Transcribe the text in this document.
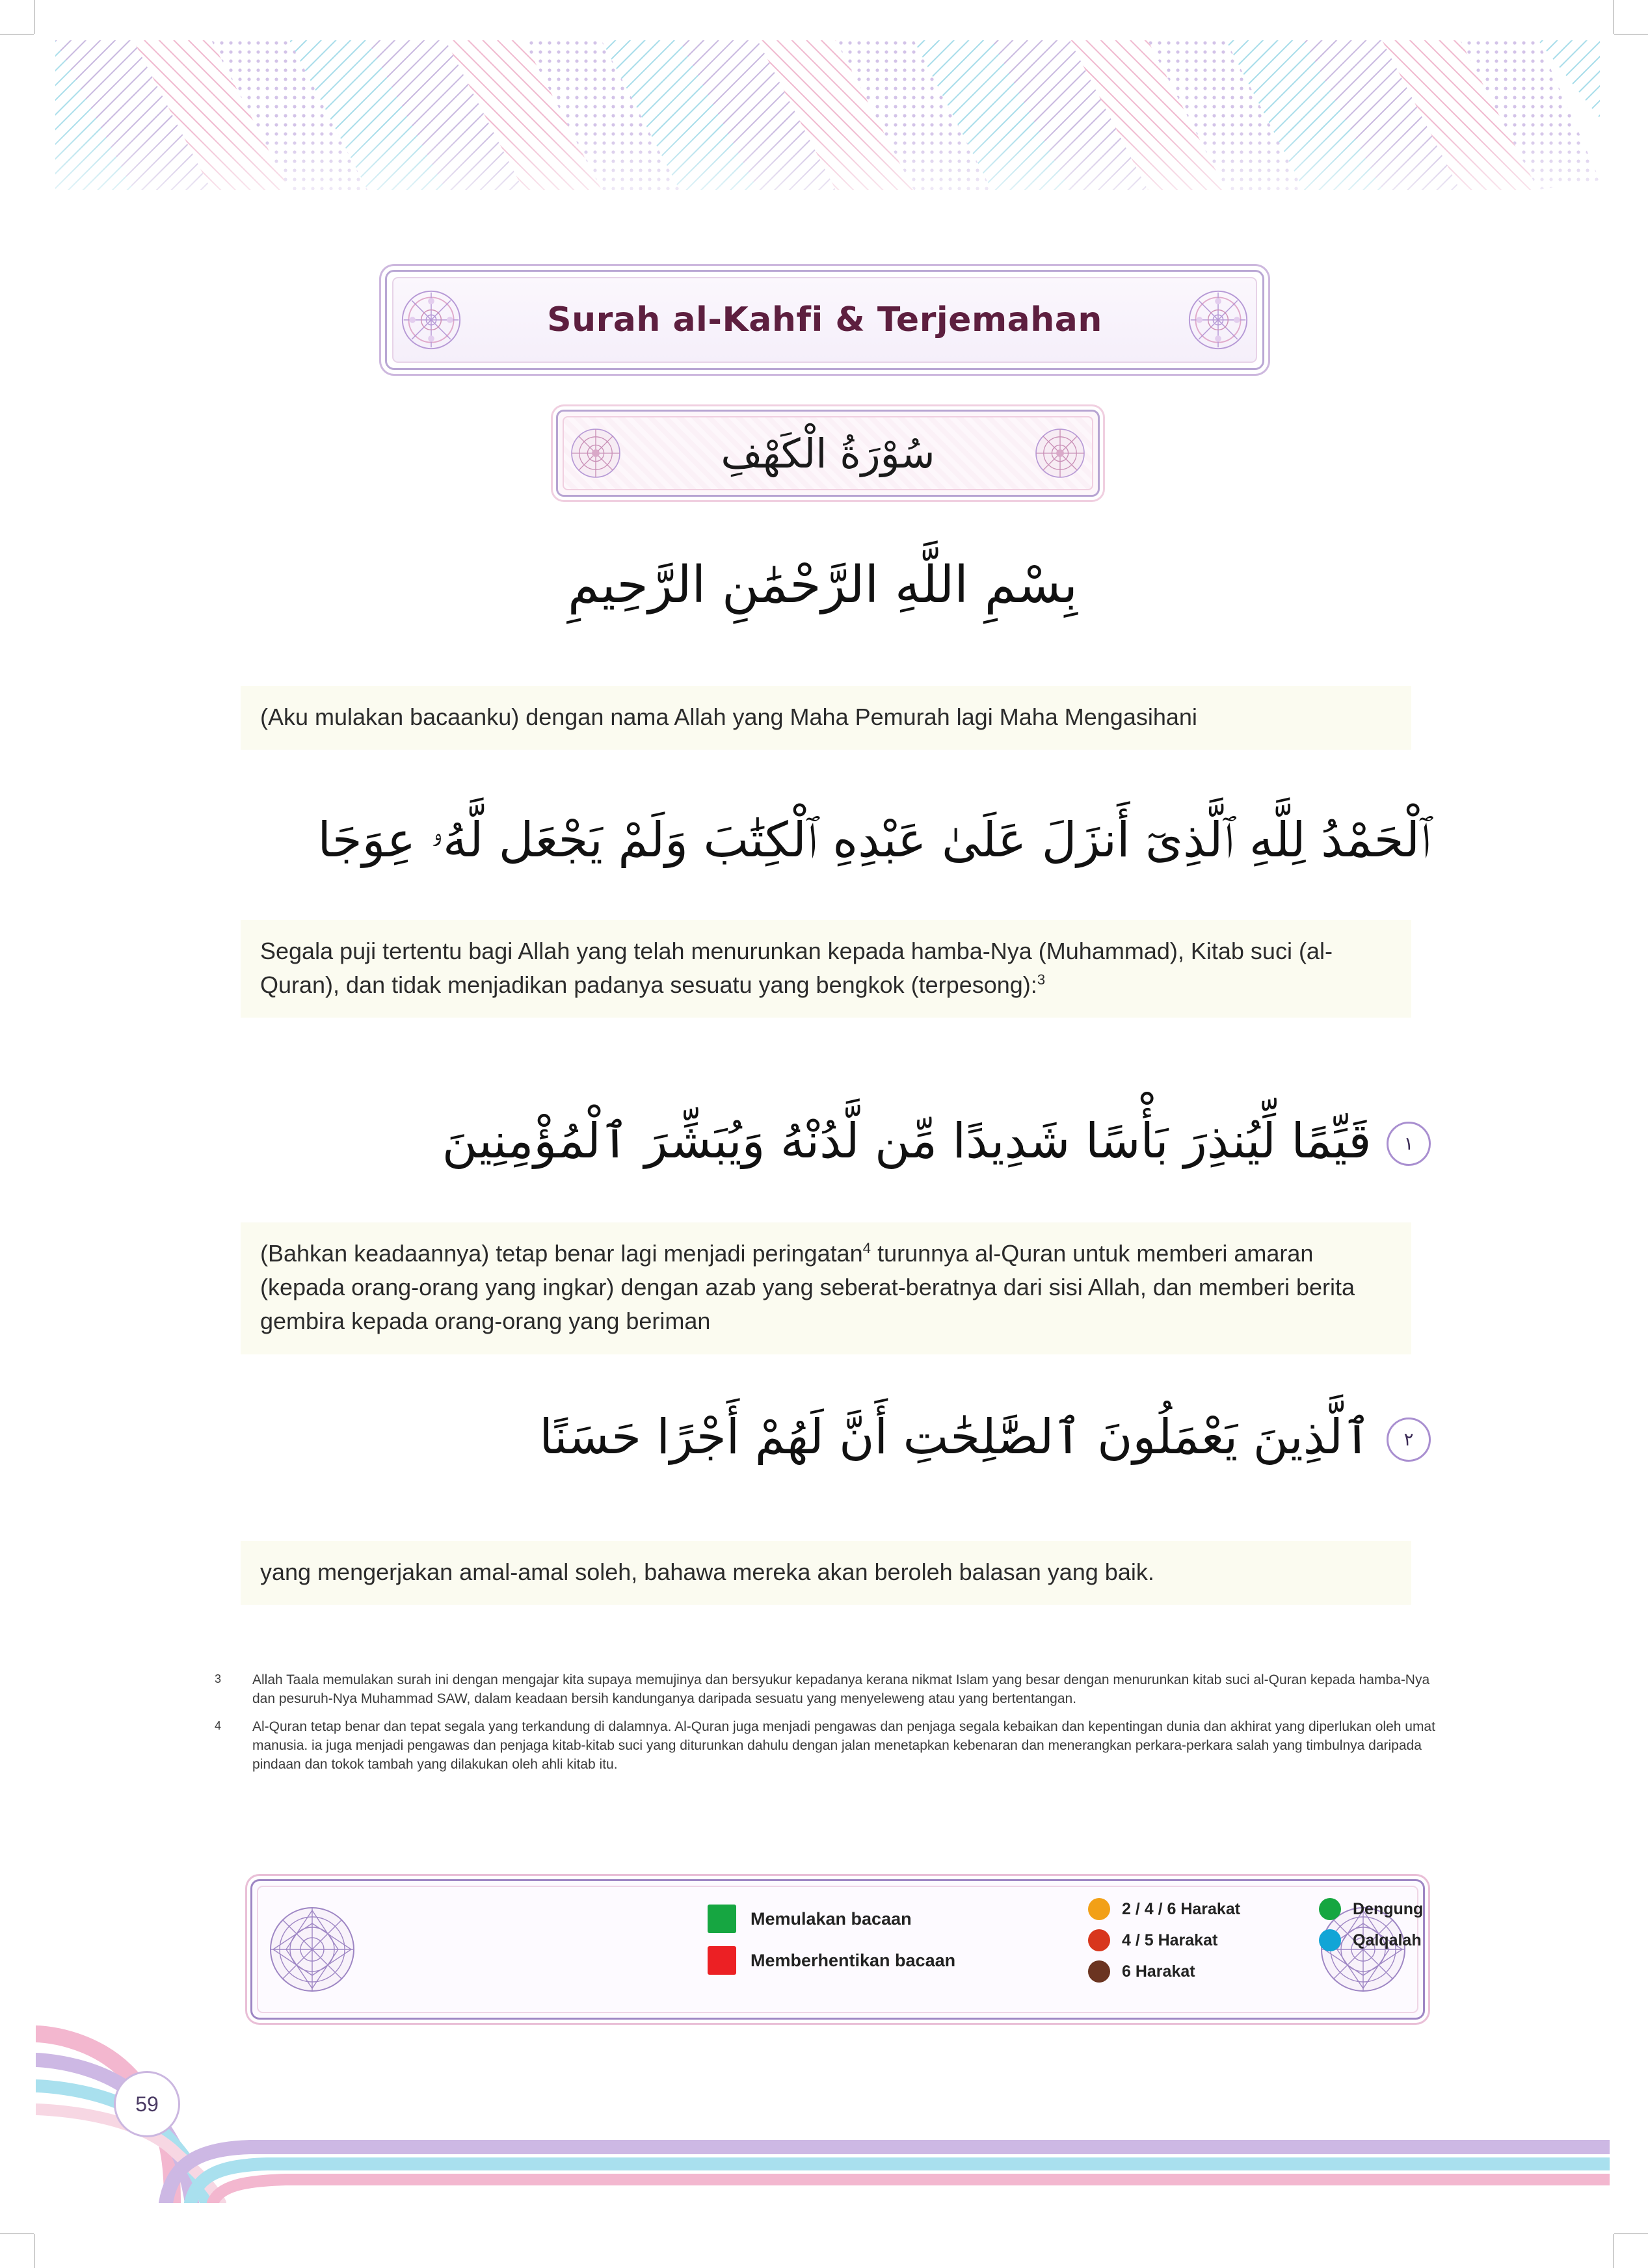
Surah al-Kahfi & Terjemahan
سُوْرَةُ الْكَهْفِ
بِسْمِ اللَّهِ الرَّحْمَٰنِ الرَّحِيمِ
(Aku mulakan bacaanku) dengan nama Allah yang Maha Pemurah lagi Maha Mengasihani
ٱلْحَمْدُ لِلَّهِ ٱلَّذِىٓ أَنزَلَ عَلَىٰ عَبْدِهِ ٱلْكِتَٰبَ وَلَمْ يَجْعَل لَّهُۥ عِوَجَا
Segala puji tertentu bagi Allah yang telah menurunkan kepada hamba-Nya (Muhammad), Kitab suci (al-Quran), dan tidak menjadikan padanya sesuatu yang bengkok (terpesong):$^3$
١ قَيِّمًا لِّيُنذِرَ بَأْسًا شَدِيدًا مِّن لَّدُنْهُ وَيُبَشِّرَ ٱلْمُؤْمِنِينَ
(Bahkan keadaannya) tetap benar lagi menjadi peringatan$^4$ turunnya al-Quran untuk memberi amaran (kepada orang-orang yang ingkar) dengan azab yang seberat-beratnya dari sisi Allah, dan memberi berita gembira kepada orang-orang yang beriman
٢ ٱلَّذِينَ يَعْمَلُونَ ٱلصَّٰلِحَٰتِ أَنَّ لَهُمْ أَجْرًا حَسَنًا
yang mengerjakan amal-amal soleh, bahawa mereka akan beroleh balasan yang baik.
3	Allah Taala memulakan surah ini dengan mengajar kita supaya memujinya dan bersyukur kepadanya kerana nikmat Islam yang besar dengan menurunkan kitab suci al-Quran kepada hamba-Nya dan pesuruh-Nya Muhammad SAW, dalam keadaan bersih kandunganya daripada sesuatu yang menyeleweng atau yang bertentangan.
4	Al-Quran tetap benar dan tepat segala yang terkandung di dalamnya. Al-Quran juga menjadi pengawas dan penjaga segala kebaikan dan kepentingan dunia dan akhirat yang diperlukan oleh umat manusia. ia juga menjadi pengawas dan penjaga kitab-kitab suci yang diturunkan dahulu dengan jalan menetapkan kebenaran dan menerangkan perkara-perkara salah yang timbulnya daripada pindaan dan tokok tambah yang dilakukan oleh ahli kitab itu.
Memulakan bacaan
Memberhentikan bacaan
2 / 4 / 6 Harakat
4 / 5 Harakat
6 Harakat
Dengung
Qalqalah
59
